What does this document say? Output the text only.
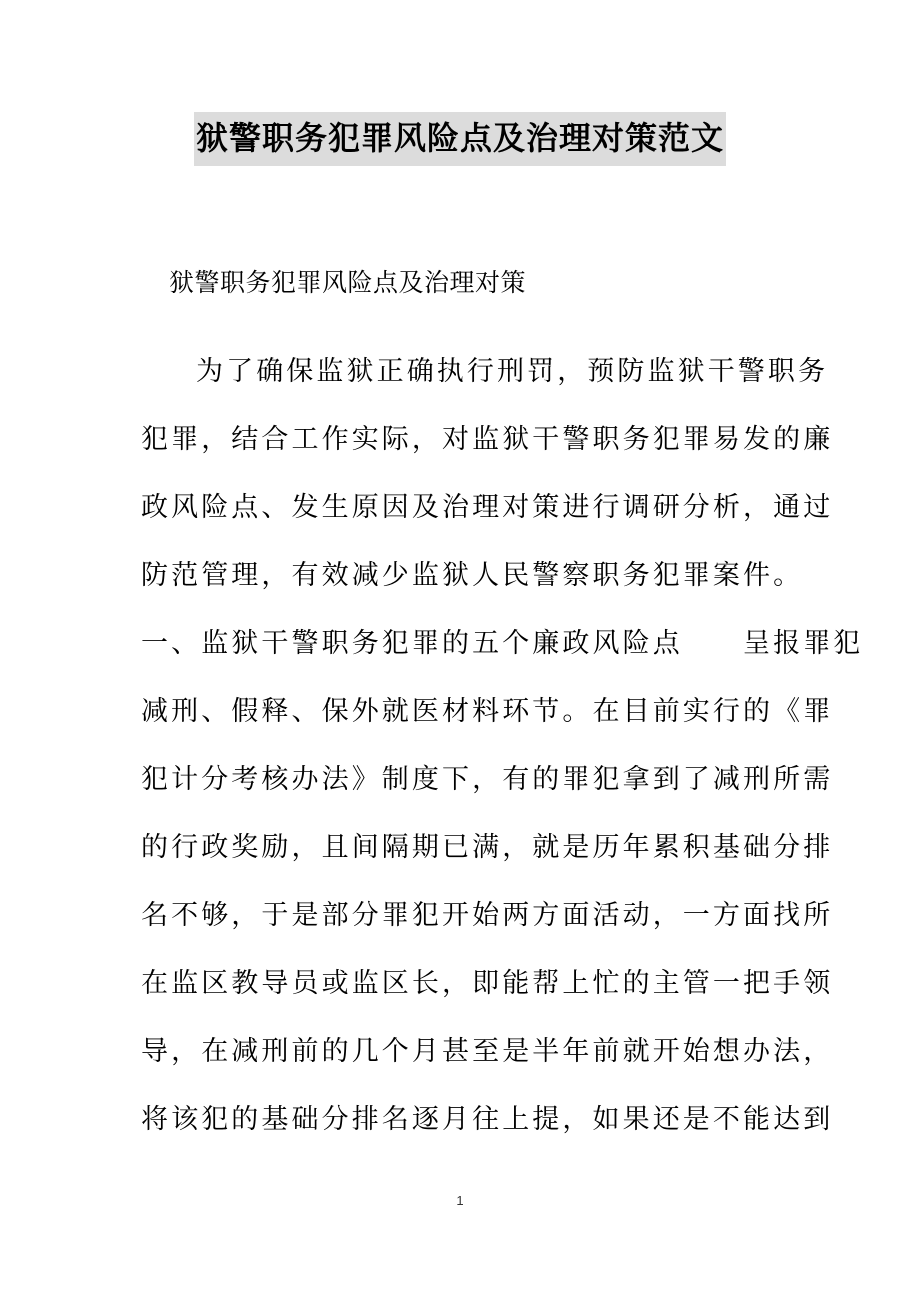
狱警职务犯罪风险点及治理对策范文
狱警职务犯罪风险点及治理对策
为了确保监狱正确执行刑罚，预防监狱干警职务
犯罪，结合工作实际，对监狱干警职务犯罪易发的廉
政风险点、发生原因及治理对策进行调研分析，通过
防范管理，有效减少监狱人民警察职务犯罪案件。
一、监狱干警职务犯罪的五个廉政风险点　　呈报罪犯
减刑、假释、保外就医材料环节。在目前实行的《罪
犯计分考核办法》制度下，有的罪犯拿到了减刑所需
的行政奖励，且间隔期已满，就是历年累积基础分排
名不够，于是部分罪犯开始两方面活动，一方面找所
在监区教导员或监区长，即能帮上忙的主管一把手领
导，在减刑前的几个月甚至是半年前就开始想办法，
将该犯的基础分排名逐月往上提，如果还是不能达到
1
